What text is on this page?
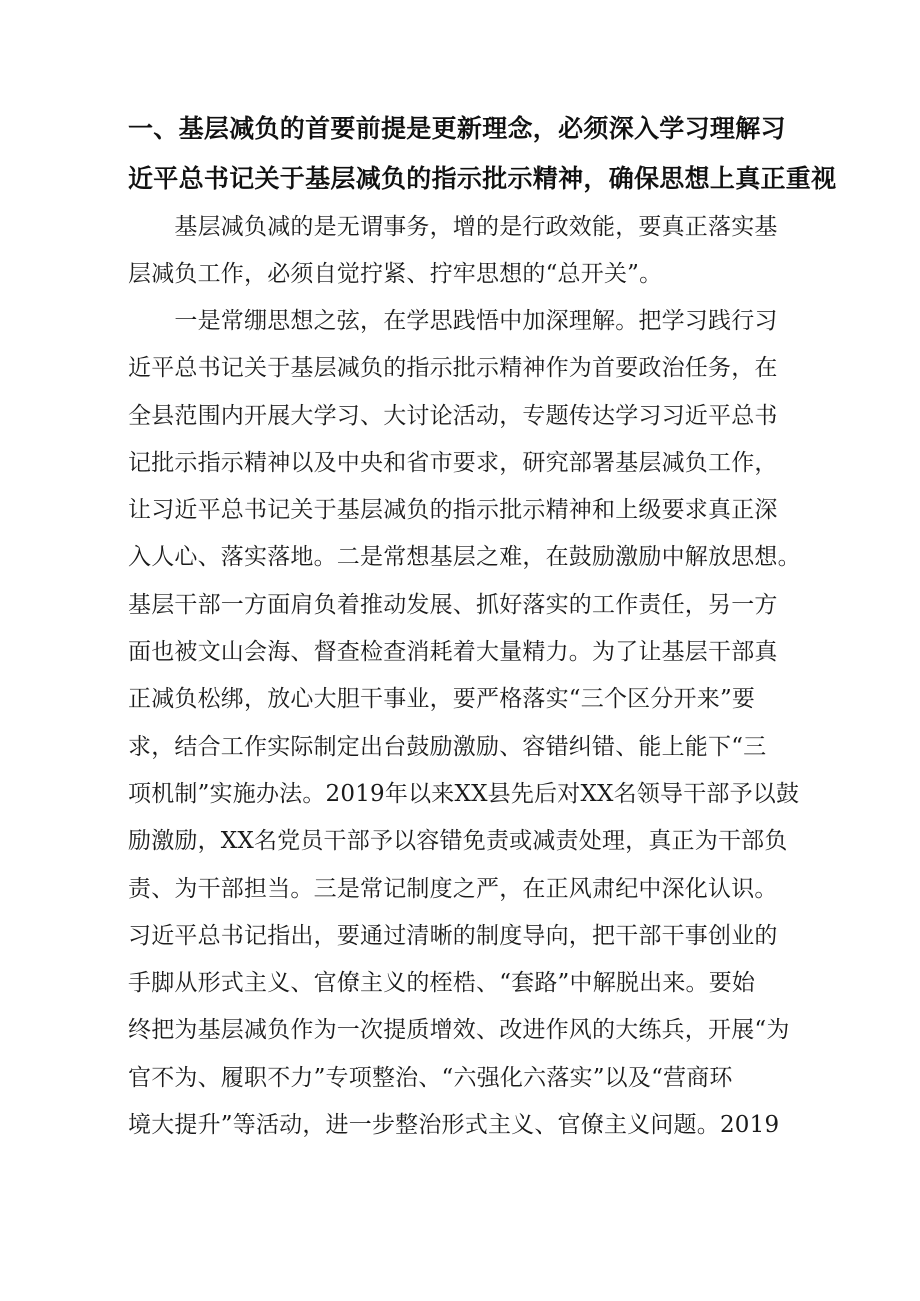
一、基层减负的首要前提是更新理念，必须深入学习理解习
近平总书记关于基层减负的指示批示精神，确保思想上真正重视
　　基层减负减的是无谓事务，增的是行政效能，要真正落实基
层减负工作，必须自觉拧紧、拧牢思想的“总开关”。
　　一是常绷思想之弦，在学思践悟中加深理解。把学习践行习
近平总书记关于基层减负的指示批示精神作为首要政治任务，在
全县范围内开展大学习、大讨论活动，专题传达学习习近平总书
记批示指示精神以及中央和省市要求，研究部署基层减负工作，
让习近平总书记关于基层减负的指示批示精神和上级要求真正深
入人心、落实落地。二是常想基层之难，在鼓励激励中解放思想。
基层干部一方面肩负着推动发展、抓好落实的工作责任，另一方
面也被文山会海、督查检查消耗着大量精力。为了让基层干部真
正减负松绑，放心大胆干事业，要严格落实“三个区分开来”要
求，结合工作实际制定出台鼓励激励、容错纠错、能上能下“三
项机制”实施办法。2019年以来XX县先后对XX名领导干部予以鼓
励激励，XX名党员干部予以容错免责或减责处理，真正为干部负
责、为干部担当。三是常记制度之严，在正风肃纪中深化认识。
习近平总书记指出，要通过清晰的制度导向，把干部干事创业的
手脚从形式主义、官僚主义的桎梏、“套路”中解脱出来。要始
终把为基层减负作为一次提质增效、改进作风的大练兵，开展“为
官不为、履职不力”专项整治、“六强化六落实”以及“营商环
境大提升”等活动，进一步整治形式主义、官僚主义问题。2019
